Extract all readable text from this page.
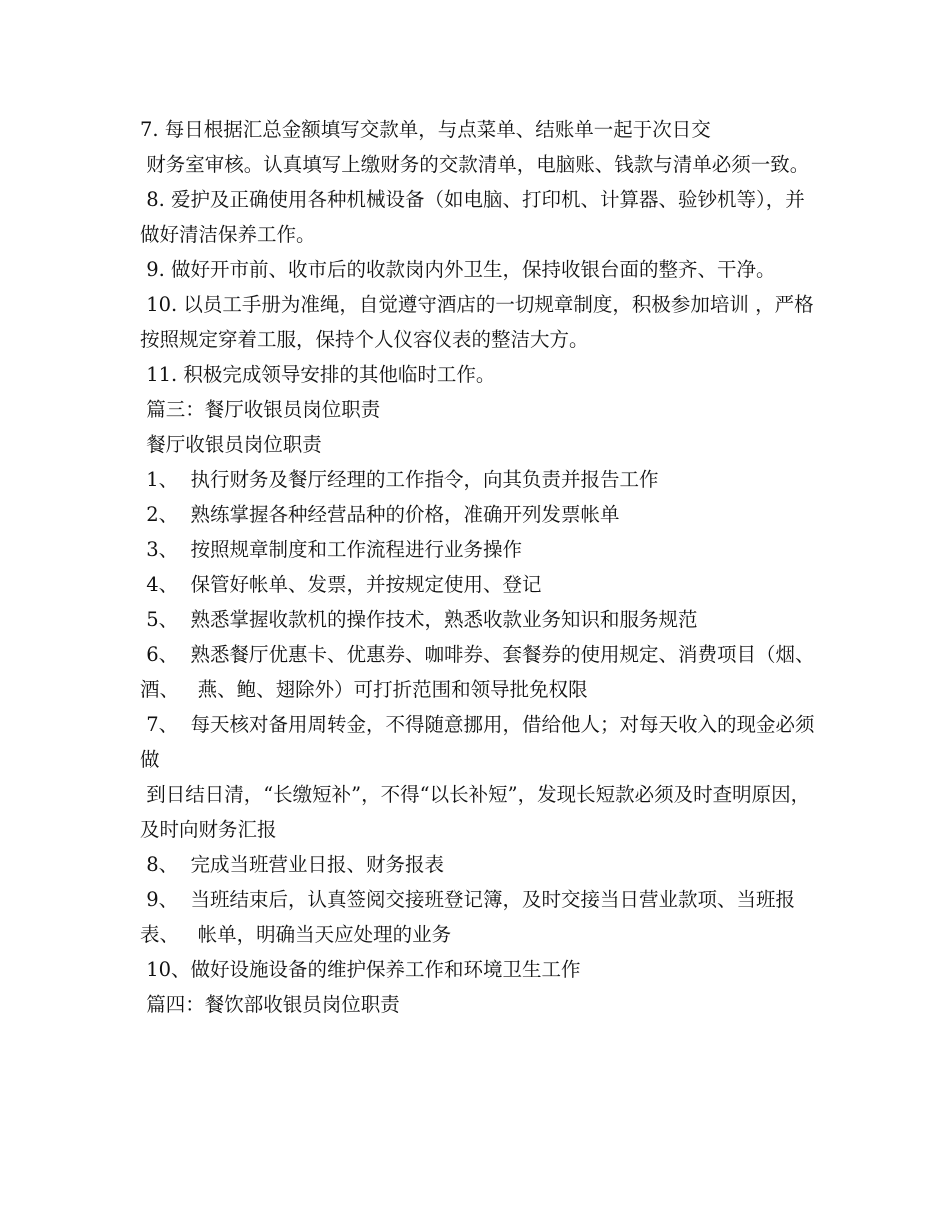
7. 每日根据汇总金额填写交款单，与点菜单、结账单一起于次日交

财务室审核。认真填写上缴财务的交款清单，电脑账、钱款与清单必须一致。

8. 爱护及正确使用各种机械设备（如电脑、打印机、计算器、验钞机等），并做好清洁保养工作。

9. 做好开市前、收市后的收款岗内外卫生，保持收银台面的整齐、干净。

10. 以员工手册为准绳，自觉遵守酒店的一切规章制度，积极参加培训 ，严格按照规定穿着工服，保持个人仪容仪表的整洁大方。

11. 积极完成领导安排的其他临时工作。

篇三：餐厅收银员岗位职责

餐厅收银员岗位职责

1、  执行财务及餐厅经理的工作指令，向其负责并报告工作

2、  熟练掌握各种经营品种的价格，准确开列发票帐单

3、  按照规章制度和工作流程进行业务操作

4、  保管好帐单、发票，并按规定使用、登记

5、  熟悉掌握收款机的操作技术，熟悉收款业务知识和服务规范

6、  熟悉餐厅优惠卡、优惠券、咖啡券、套餐券的使用规定、消费项目（烟、酒、   燕、鲍、翅除外）可打折范围和领导批免权限

7、  每天核对备用周转金，不得随意挪用，借给他人；对每天收入的现金必须做

到日结日清，“长缴短补”，不得“以长补短”，发现长短款必须及时查明原因，及时向财务汇报

8、  完成当班营业日报、财务报表

9、  当班结束后，认真签阅交接班登记簿，及时交接当日营业款项、当班报表、   帐单，明确当天应处理的业务

10、做好设施设备的维护保养工作和环境卫生工作

篇四：餐饮部收银员岗位职责
